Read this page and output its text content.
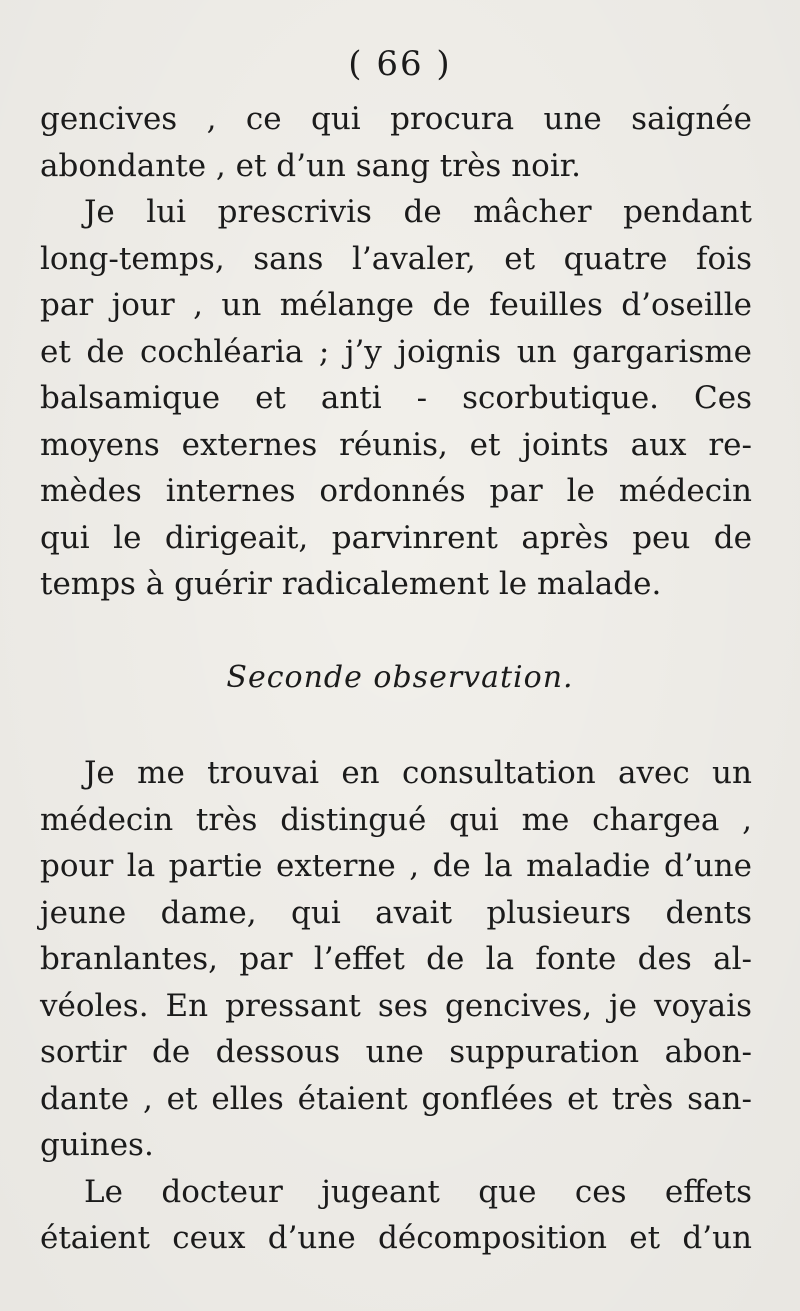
( 66 )
gencives , ce qui procura une saignée
abondante , et d’un sang très noir.
Je lui prescrivis de mâcher pendant
long-temps, sans l’avaler, et quatre fois
par jour , un mélange de feuilles d’oseille
et de cochléaria ; j’y joignis un gargarisme
balsamique et anti - scorbutique. Ces
moyens externes réunis, et joints aux re-
mèdes internes ordonnés par le médecin
qui le dirigeait, parvinrent après peu de
temps à guérir radicalement le malade.
Seconde observation.
Je me trouvai en consultation avec un
médecin très distingué qui me chargea ,
pour la partie externe , de la maladie d’une
jeune dame, qui avait plusieurs dents
branlantes, par l’effet de la fonte des al-
véoles. En pressant ses gencives, je voyais
sortir de dessous une suppuration abon-
dante , et elles étaient gonflées et très san-
guines.
Le docteur jugeant que ces effets
étaient ceux d’une décomposition et d’un
